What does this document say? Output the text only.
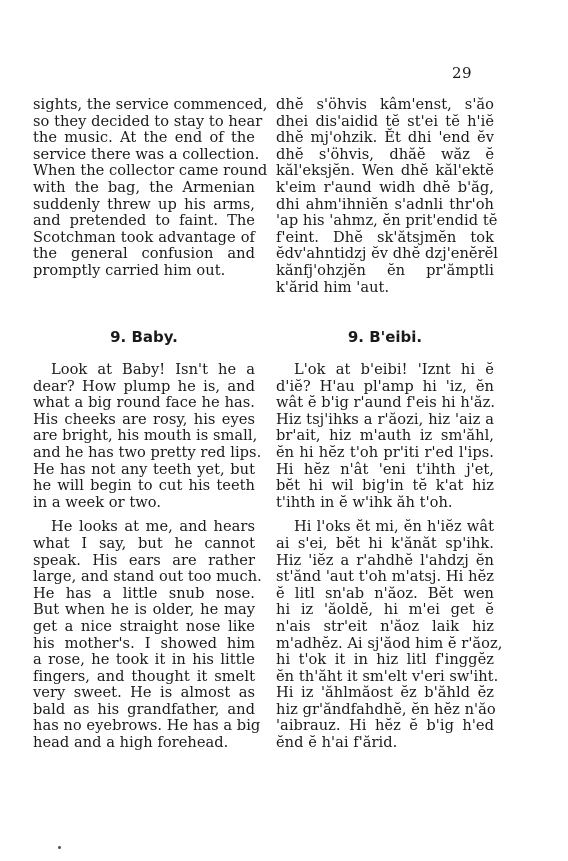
29
sights, the service commenced,
so they decided to stay to hear
the music. At the end of the
service there was a collection.
When the collector came round
with the bag, the Armenian
suddenly threw up his arms,
and pretended to faint. The
Scotchman took advantage of
the general confusion and
promptly carried him out.
dhĕ s'öhvis kâm'enst, s'ăo
dhei dis'aidid tĕ st'ei tĕ h'iĕ
dhĕ mj'ohzik. Ĕt dhi 'end ĕv
dhĕ s'öhvis, dhăĕ wăz ĕ
kăl'eksjĕn. Wen dhĕ kăl'ektĕ
k'eim r'aund widh dhĕ b'ăg,
dhi ahm'ihniĕn s'adnli thr'oh
'ap his 'ahmz, ĕn prit'endid tĕ
f'eint. Dhĕ sk'ătsjmĕn tok
ĕdv'ahntidzj ĕv dhĕ dzj'enĕrĕl
kănfj'ohzjĕn ĕn pr'ămptli
k'ărid him 'aut.
9. Baby.
Look at Baby! Isn't he a
dear? How plump he is, and
what a big round face he has.
His cheeks are rosy, his eyes
are bright, his mouth is small,
and he has two pretty red lips.
He has not any teeth yet, but
he will begin to cut his teeth
in a week or two.
He looks at me, and hears
what I say, but he cannot
speak. His ears are rather
large, and stand out too much.
He has a little snub nose.
But when he is older, he may
get a nice straight nose like
his mother's. I showed him
a rose, he took it in his little
fingers, and thought it smelt
very sweet. He is almost as
bald as his grandfather, and
has no eyebrows. He has a big
head and a high forehead.
9. B'eibi.
L'ok at b'eibi! 'Iznt hi ĕ
d'iĕ? H'au pl'amp hi 'iz, ĕn
wât ĕ b'ig r'aund f'eis hi h'ăz.
Hiz tsj'ihks a r'ăozi, hiz 'aiz a
br'ait, hiz m'auth iz sm'ăhl,
ĕn hi hĕz t'oh pr'iti r'ed l'ips.
Hi hĕz n'ât 'eni t'ihth j'et,
bĕt hi wil big'in tĕ k'at hiz
t'ihth in ĕ w'ihk ăh t'oh.
Hi l'oks ĕt mi, ĕn h'iĕz wât
ai s'ei, bĕt hi k'ănăt sp'ihk.
Hiz 'iĕz a r'ahdhĕ l'ahdzj ĕn
st'ănd 'aut t'oh m'atsj. Hi hĕz
ĕ litl sn'ab n'ăoz. Bĕt wen
hi iz 'ăoldĕ, hi m'ei get ĕ
n'ais str'eit n'ăoz laik hiz
m'adhĕz. Ai sj'ăod him ĕ r'ăoz,
hi t'ok it in hiz litl f'inggĕz
ĕn th'ăht it sm'elt v'eri sw'iht.
Hi iz 'ăhlmăost ĕz b'ăhld ĕz
hiz gr'ăndfahdhĕ, ĕn hĕz n'ăo
'aibrauz. Hi hĕz ĕ b'ig h'ed
ĕnd ĕ h'ai f'ărid.
